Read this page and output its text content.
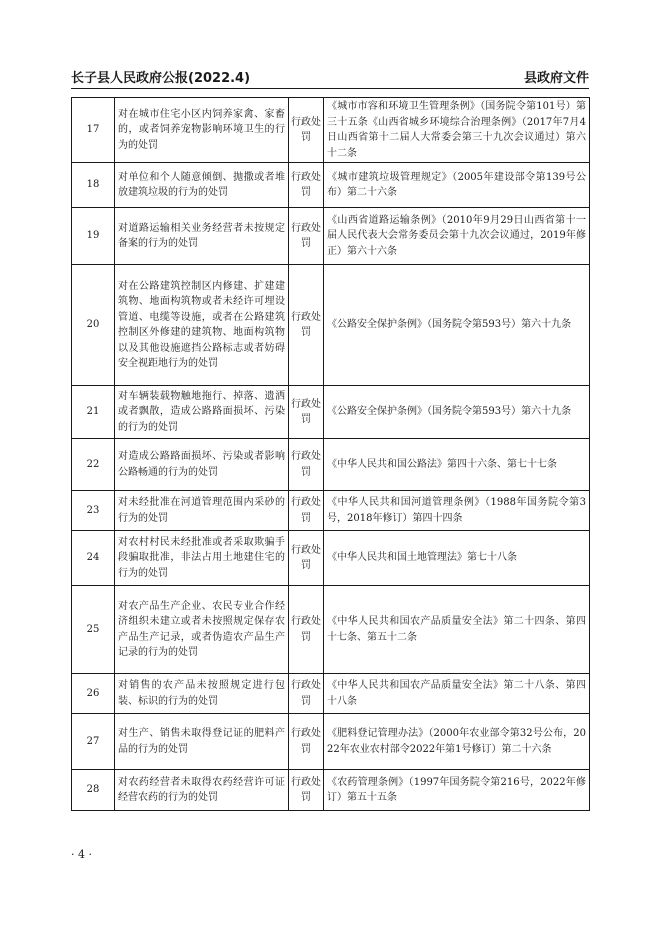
长子县人民政府公报(2022.4)	县政府文件
17	对在城市住宅小区内饲养家禽、家畜的，或者饲养宠物影响环境卫生的行为的处罚	行政处罚	《城市市容和环境卫生管理条例》（国务院令第101号）第三十五条《山西省城乡环境综合治理条例》（2017年7月4日山西省第十二届人大常委会第三十九次会议通过）第六十二条
18	对单位和个人随意倾倒、抛撒或者堆放建筑垃圾的行为的处罚	行政处罚	《城市建筑垃圾管理规定》（2005年建设部令第139号公布）第二十六条
19	对道路运输相关业务经营者未按规定备案的行为的处罚	行政处罚	《山西省道路运输条例》（2010年9月29日山西省第十一届人民代表大会常务委员会第十九次会议通过，2019年修正）第六十六条
20	对在公路建筑控制区内修建、扩建建筑物、地面构筑物或者未经许可埋设管道、电缆等设施，或者在公路建筑控制区外修建的建筑物、地面构筑物以及其他设施遮挡公路标志或者妨碍安全视距地行为的处罚	行政处罚	《公路安全保护条例》（国务院令第593号）第六十九条
21	对车辆装载物触地拖行、掉落、遗洒或者飘散，造成公路路面损坏、污染的行为的处罚	行政处罚	《公路安全保护条例》（国务院令第593号）第六十九条
22	对造成公路路面损坏、污染或者影响公路畅通的行为的处罚	行政处罚	《中华人民共和国公路法》第四十六条、第七十七条
23	对未经批准在河道管理范围内采砂的行为的处罚	行政处罚	《中华人民共和国河道管理条例》（1988年国务院令第3号，2018年修订）第四十四条
24	对农村村民未经批准或者采取欺骗手段骗取批准，非法占用土地建住宅的行为的处罚	行政处罚	《中华人民共和国土地管理法》第七十八条
25	对农产品生产企业、农民专业合作经济组织未建立或者未按照规定保存农产品生产记录，或者伪造农产品生产记录的行为的处罚	行政处罚	《中华人民共和国农产品质量安全法》第二十四条、第四十七条、第五十二条
26	对销售的农产品未按照规定进行包装、标识的行为的处罚	行政处罚	《中华人民共和国农产品质量安全法》第二十八条、第四十八条
27	对生产、销售未取得登记证的肥料产品的行为的处罚	行政处罚	《肥料登记管理办法》（2000年农业部令第32号公布，2022年农业农村部令2022年第1号修订）第二十六条
28	对农药经营者未取得农药经营许可证经营农药的行为的处罚	行政处罚	《农药管理条例》（1997年国务院令第216号，2022年修订）第五十五条
· 4 ·
